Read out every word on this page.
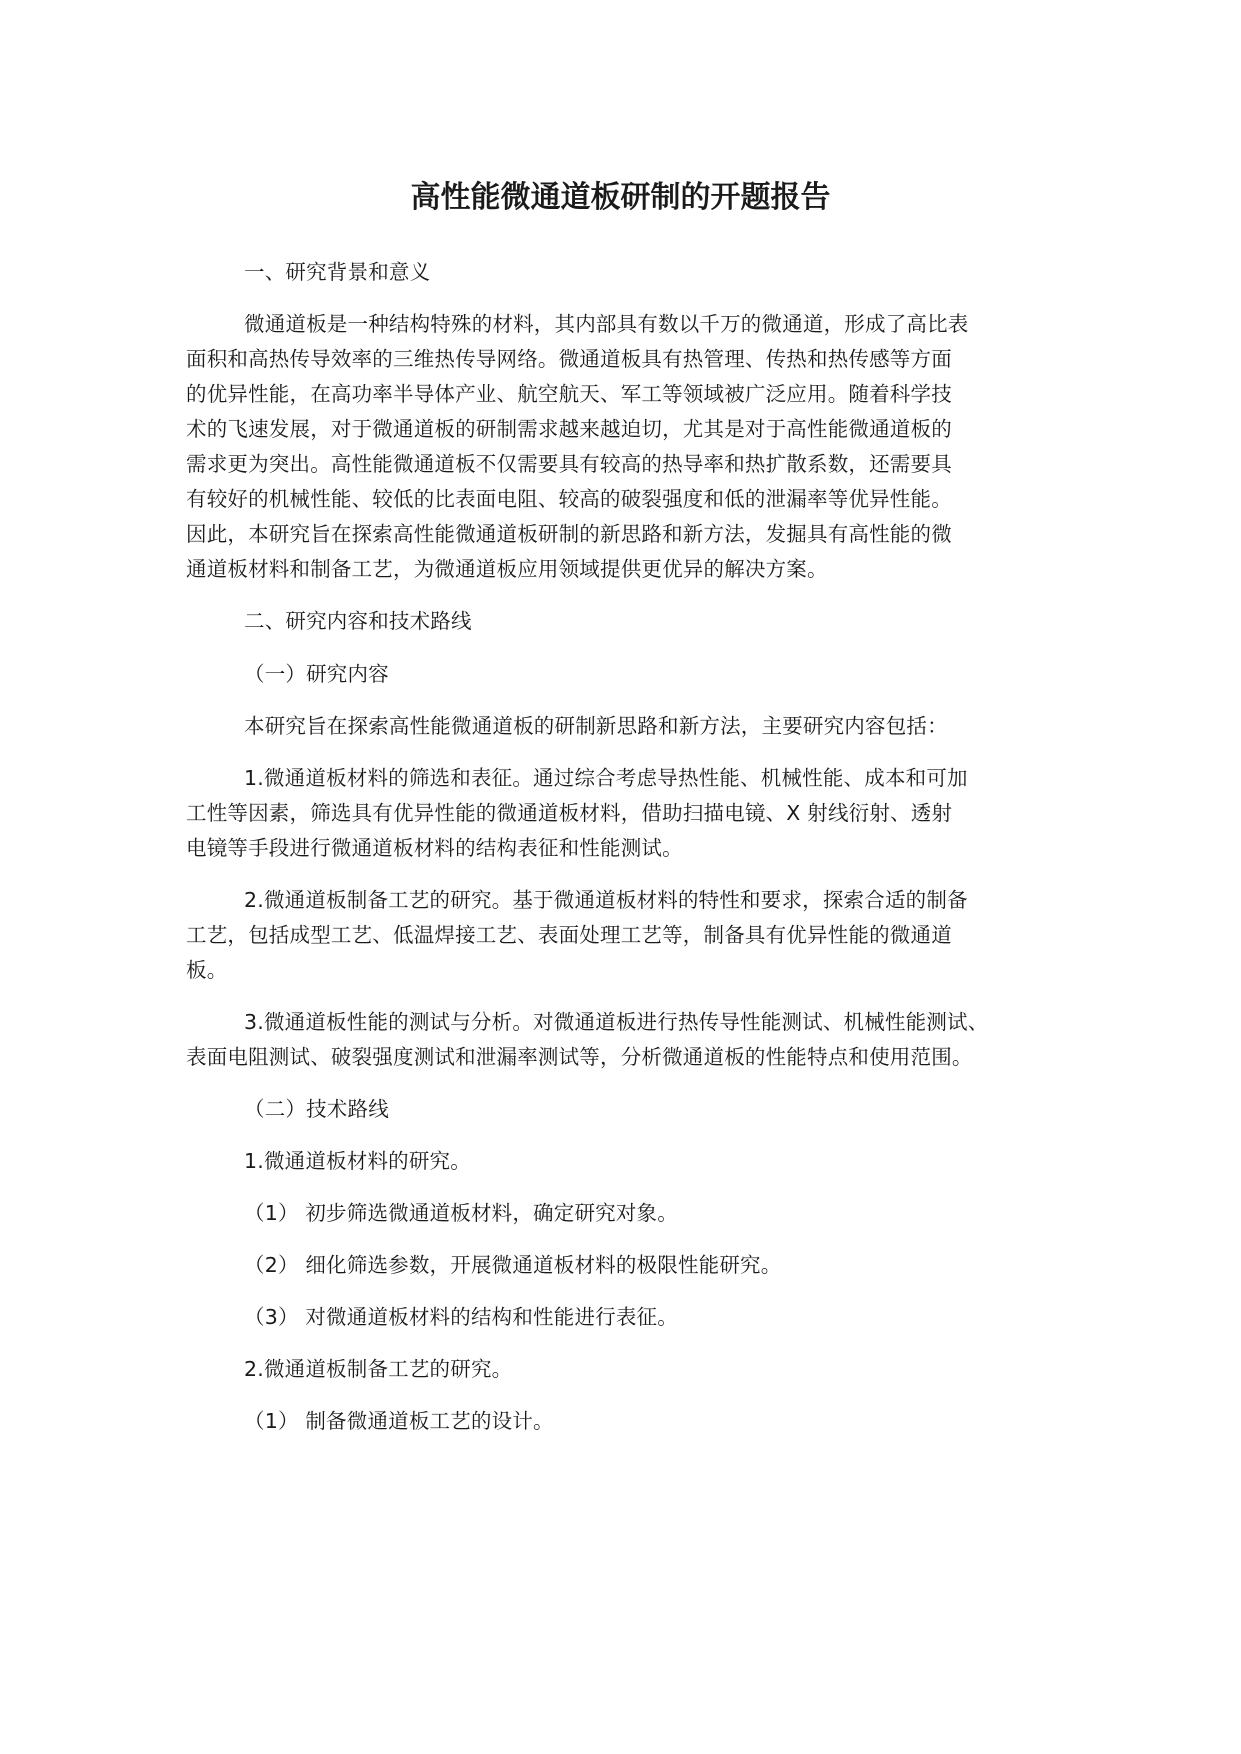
高性能微通道板研制的开题报告
一、研究背景和意义
微通道板是一种结构特殊的材料，其内部具有数以千万的微通道，形成了高比表
面积和高热传导效率的三维热传导网络。微通道板具有热管理、传热和热传感等方面
的优异性能，在高功率半导体产业、航空航天、军工等领域被广泛应用。随着科学技
术的飞速发展，对于微通道板的研制需求越来越迫切，尤其是对于高性能微通道板的
需求更为突出。高性能微通道板不仅需要具有较高的热导率和热扩散系数，还需要具
有较好的机械性能、较低的比表面电阻、较高的破裂强度和低的泄漏率等优异性能。
因此，本研究旨在探索高性能微通道板研制的新思路和新方法，发掘具有高性能的微
通道板材料和制备工艺，为微通道板应用领域提供更优异的解决方案。
二、研究内容和技术路线
（一）研究内容
本研究旨在探索高性能微通道板的研制新思路和新方法，主要研究内容包括：
1.微通道板材料的筛选和表征。通过综合考虑导热性能、机械性能、成本和可加
工性等因素，筛选具有优异性能的微通道板材料，借助扫描电镜、X 射线衍射、透射
电镜等手段进行微通道板材料的结构表征和性能测试。
2.微通道板制备工艺的研究。基于微通道板材料的特性和要求，探索合适的制备
工艺，包括成型工艺、低温焊接工艺、表面处理工艺等，制备具有优异性能的微通道
板。
3.微通道板性能的测试与分析。对微通道板进行热传导性能测试、机械性能测试、
表面电阻测试、破裂强度测试和泄漏率测试等，分析微通道板的性能特点和使用范围。
（二）技术路线
1.微通道板材料的研究。
（1） 初步筛选微通道板材料，确定研究对象。
（2） 细化筛选参数，开展微通道板材料的极限性能研究。
（3） 对微通道板材料的结构和性能进行表征。
2.微通道板制备工艺的研究。
（1） 制备微通道板工艺的设计。
